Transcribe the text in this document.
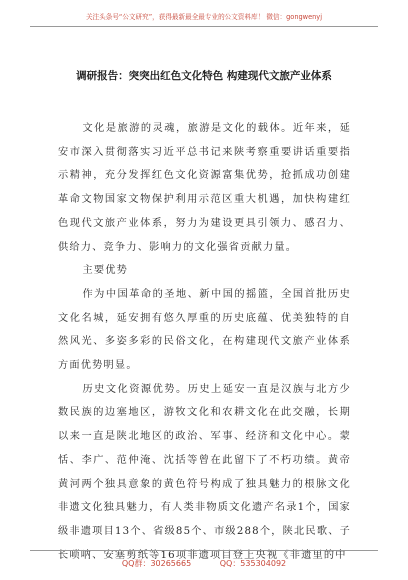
关注头条号“公文研究”，获得最新最全最专业的公文资料库！ 微信：gongwenyj
调研报告：突突出红色文化特色 构建现代文旅产业体系

文化是旅游的灵魂，旅游是文化的载体。近年来，延安市深入贯彻落实习近平总书记来陕考察重要讲话重要指示精神，充分发挥红色文化资源富集优势，抢抓成功创建革命文物国家文物保护利用示范区重大机遇，加快构建红色现代文旅产业体系，努力为建设更具引领力、感召力、供给力、竞争力、影响力的文化强省贡献力量。

主要优势

作为中国革命的圣地、新中国的摇篮，全国首批历史文化名城，延安拥有悠久厚重的历史底蕴、优美独特的自然风光、多姿多彩的民俗文化，在构建现代文旅产业体系方面优势明显。

历史文化资源优势。历史上延安一直是汉族与北方少数民族的边塞地区，游牧文化和农耕文化在此交融，长期以来一直是陕北地区的政治、军事、经济和文化中心。蒙恬、李广、范仲淹、沈括等曾在此留下了不朽功绩。黄帝黄河两个独具意象的黄色符号构成了独具魅力的根脉文化非遗文化独具魅力，有人类非物质文化遗产名录1个，国家级非遗项目13个、省级85个、市级288个，陕北民歌、子长唢呐、安塞剪纸等16项非遗项目登上央视《非遗里的中

QQ群：30265665	QQ：535304092
